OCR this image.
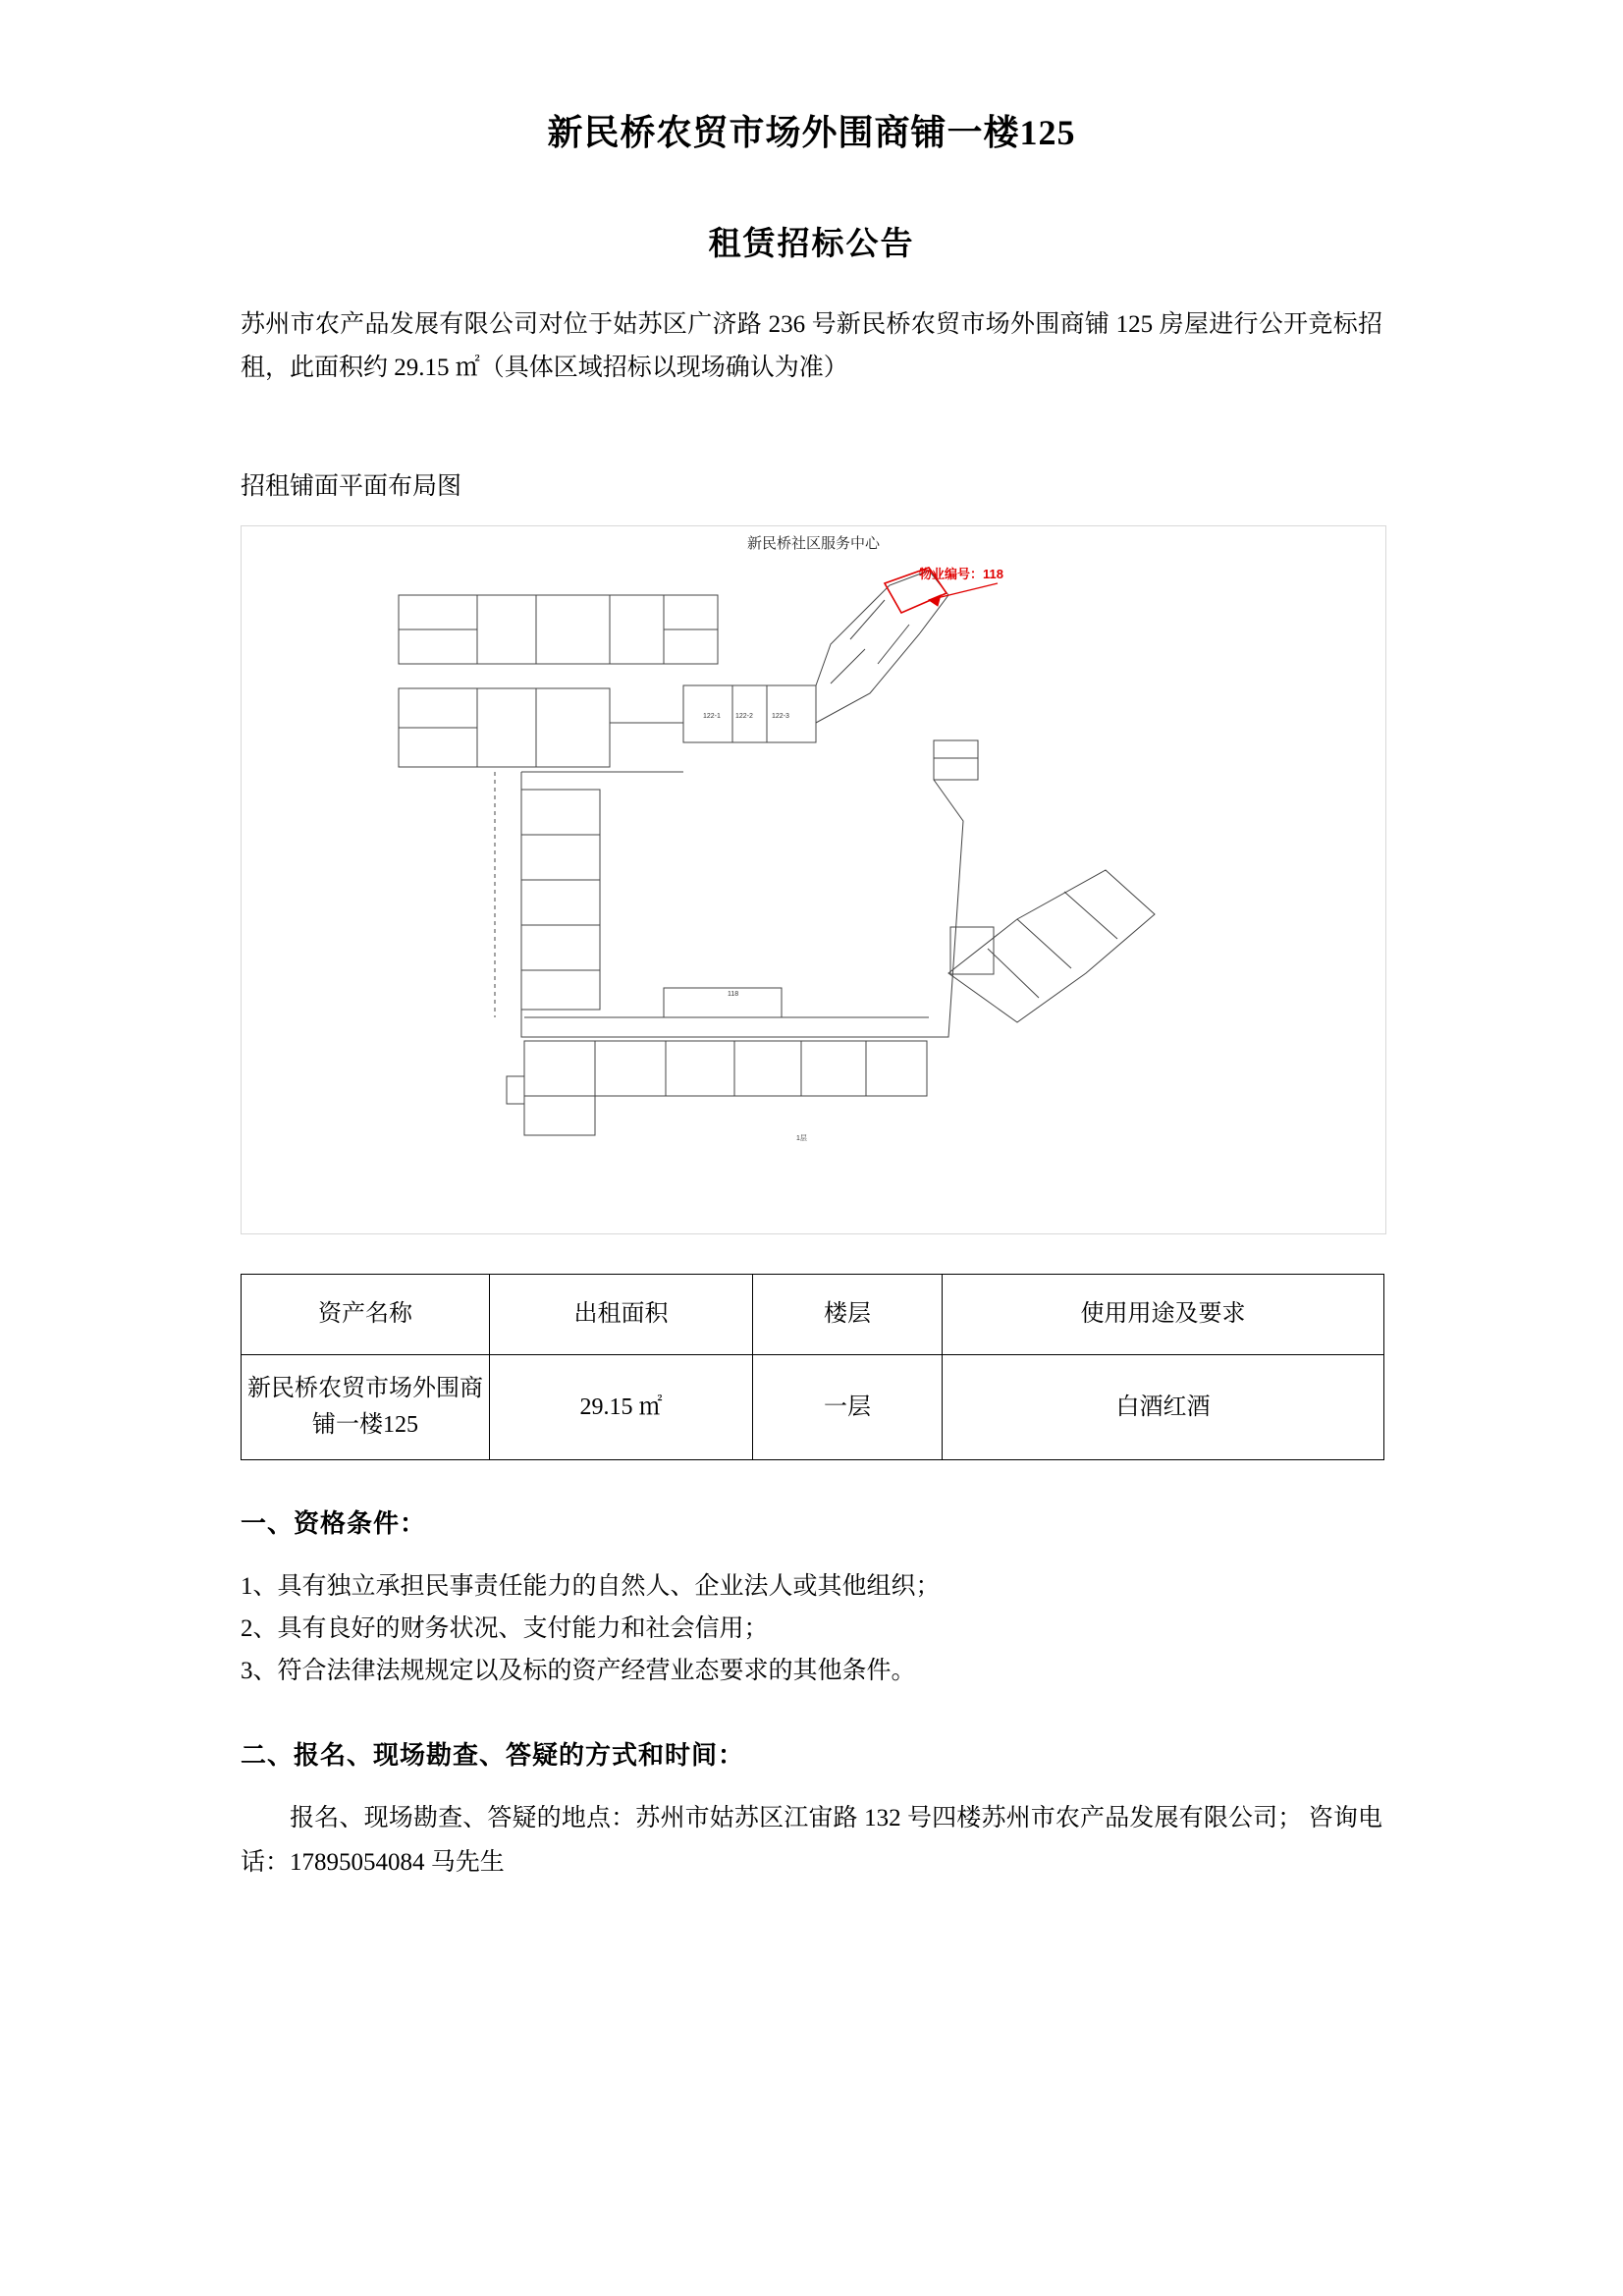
新民桥农贸市场外围商铺一楼125
租赁招标公告

苏州市农产品发展有限公司对位于姑苏区广济路 236 号新民桥农贸市场外围商铺 125 房屋进行公开竞标招租，此面积约 29.15 ㎡（具体区域招标以现场确认为准）

招租铺面平面布局图
新民桥社区服务中心
122-1 122-2	122-3
118
1层
物业编号：118
资产名称	出租面积	楼层	使用用途及要求
新民桥农贸市场外围商铺一楼125	29.15 ㎡	一层	白酒红酒
一、资格条件：

1、具有独立承担民事责任能力的自然人、企业法人或其他组织；

2、具有良好的财务状况、支付能力和社会信用；

3、符合法律法规规定以及标的资产经营业态要求的其他条件。

二、报名、现场勘查、答疑的方式和时间：

报名、现场勘查、答疑的地点：苏州市姑苏区江宙路 132 号四楼苏州市农产品发展有限公司； 咨询电话：17895054084 马先生
